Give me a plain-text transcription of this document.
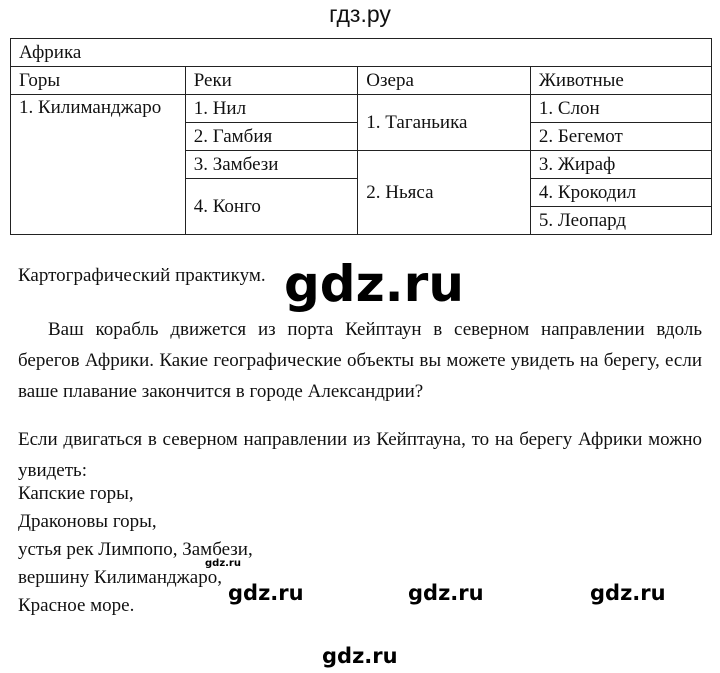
гдз.ру
Африка			
Горы	Реки	Озера	Животные
1. Килиманджаро	1. Нил	1. Таганьика	1. Слон
	2. Гамбия		2. Бегемот
	3. Замбези	2. Ньяса	3. Жираф
	4. Конго		4. Крокодил
			5. Леопард
Картографический практикум.

Ваш корабль движется из порта Кейптаун в северном направлении вдоль берегов Африки. Какие географические объекты вы можете увидеть на берегу, если ваше плавание закончится в городе Александрии?

Если двигаться в северном направлении из Кейптауна, то на берегу Африки можно увидеть:

Капские горы,
Драконовы горы,
устья рек Лимпопо, Замбези,
вершину Килиманджаро,
Красное море.
gdz.ru
gdz.ru
gdz.ru	gdz.ru	gdz.ru
gdz.ru
